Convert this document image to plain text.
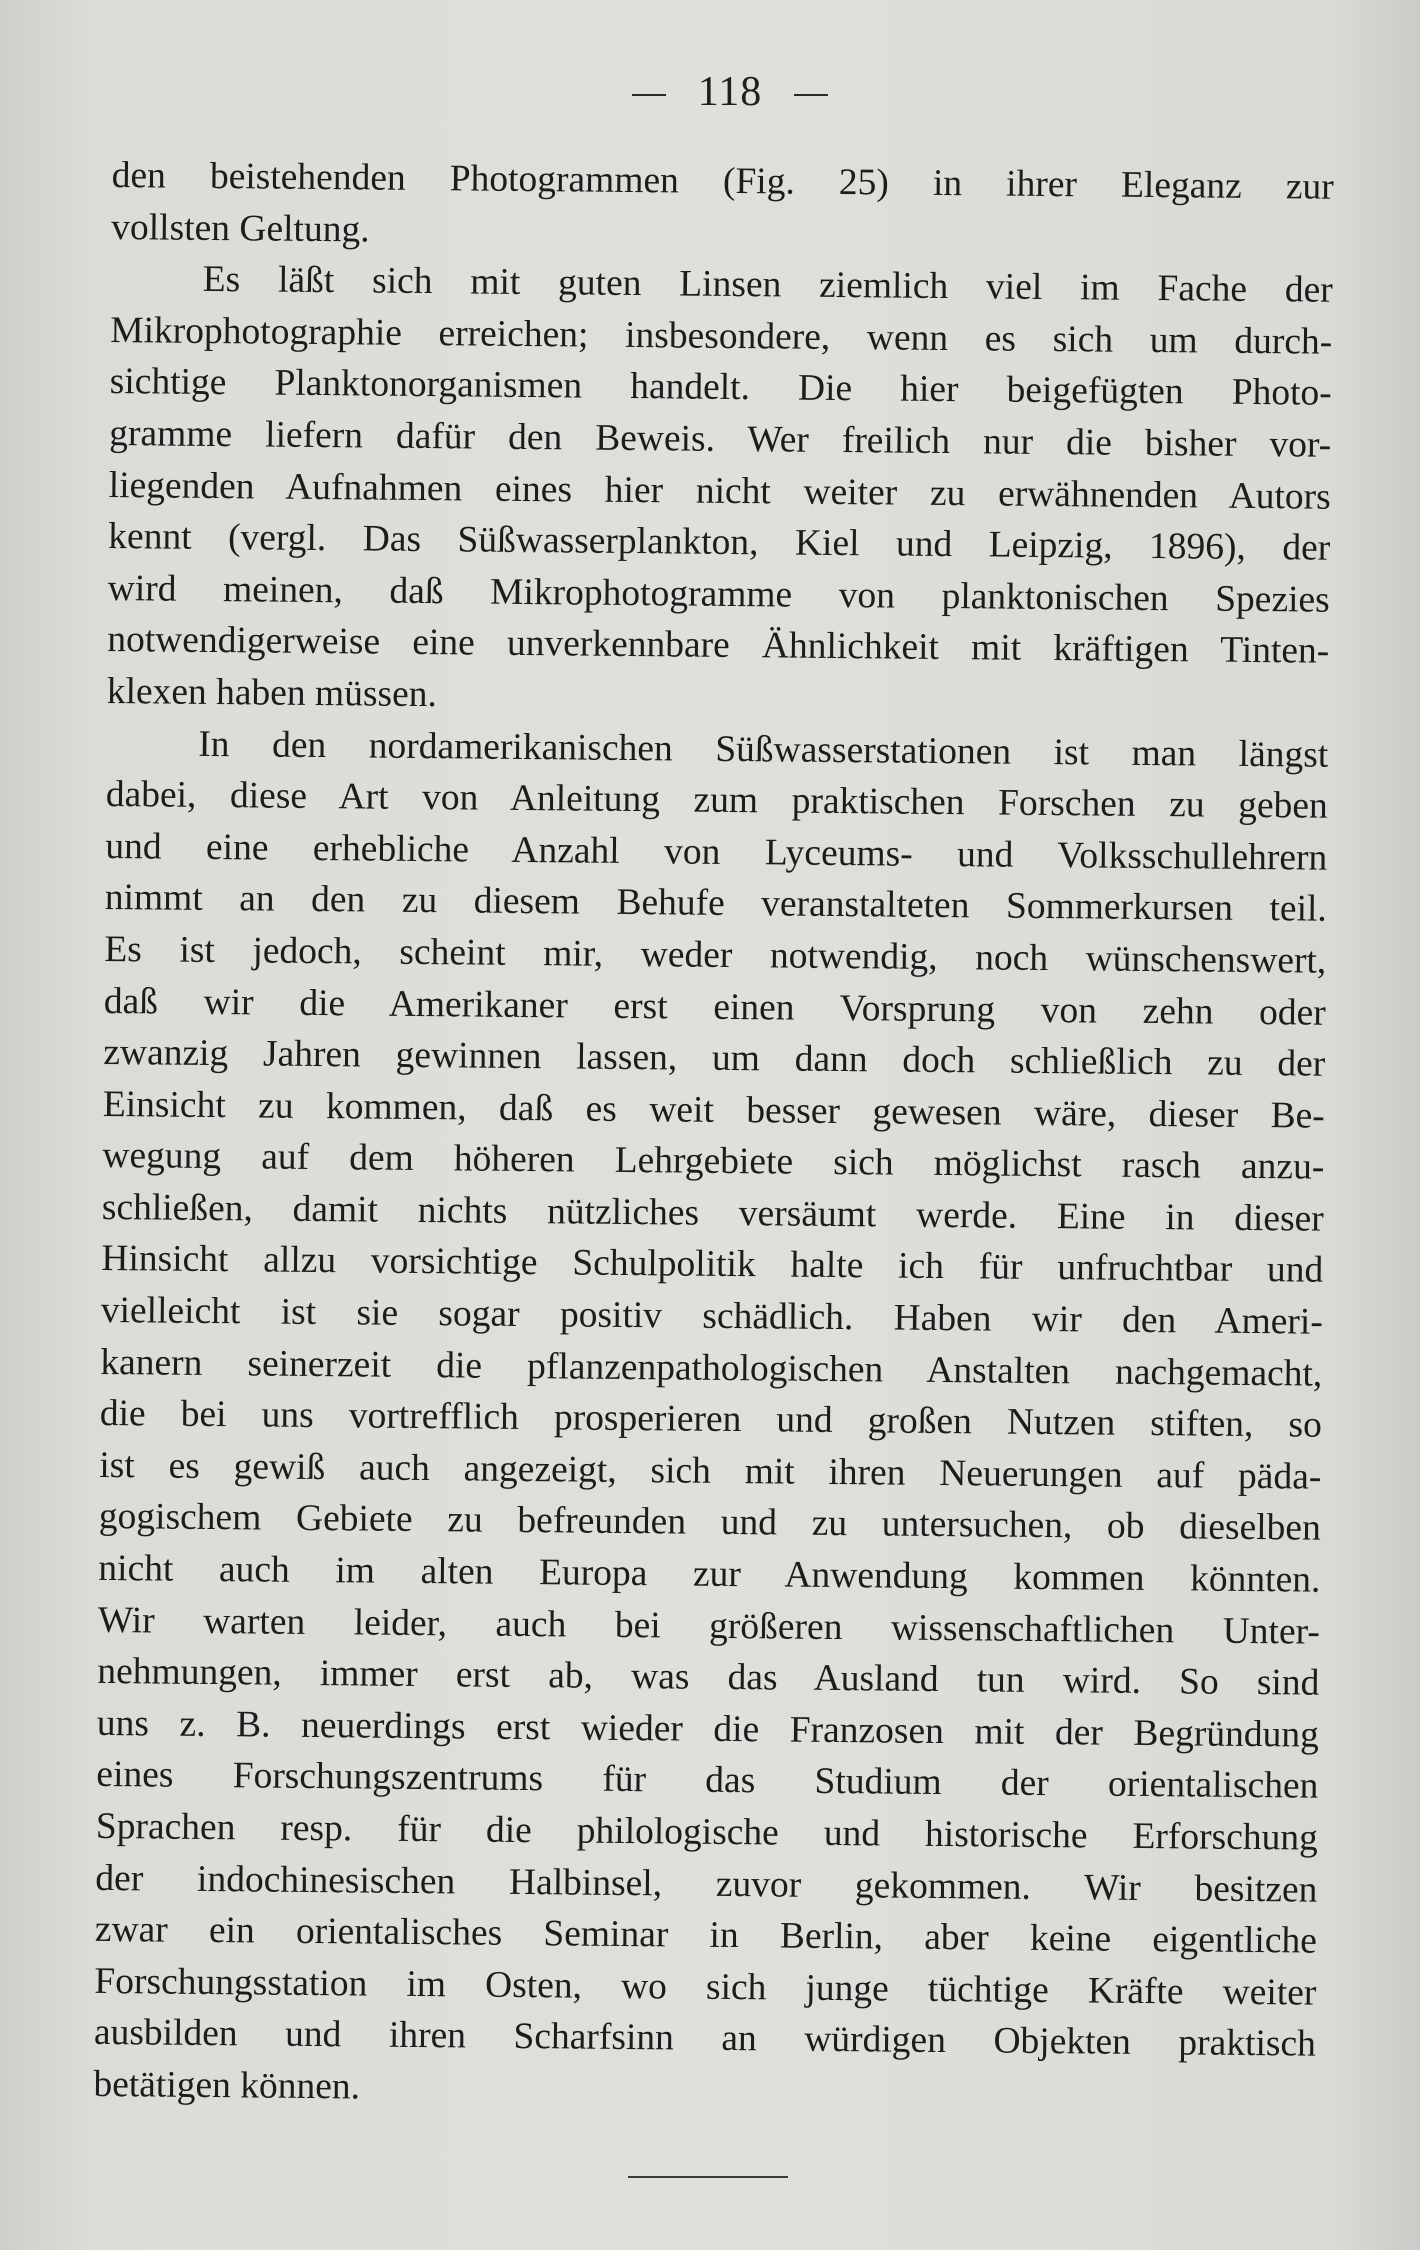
118

den beistehenden Photogrammen (Fig. 25) in ihrer Eleganz zur
vollsten Geltung.

Es läßt sich mit guten Linsen ziemlich viel im Fache der
Mikrophotographie erreichen; insbesondere, wenn es sich um durch-
sichtige Planktonorganismen handelt. Die hier beigefügten Photo-
gramme liefern dafür den Beweis. Wer freilich nur die bisher vor-
liegenden Aufnahmen eines hier nicht weiter zu erwähnenden Autors
kennt (vergl. Das Süßwasserplankton, Kiel und Leipzig, 1896), der
wird meinen, daß Mikrophotogramme von planktonischen Spezies
notwendigerweise eine unverkennbare Ähnlichkeit mit kräftigen Tinten-
klexen haben müssen.

In den nordamerikanischen Süßwasserstationen ist man längst
dabei, diese Art von Anleitung zum praktischen Forschen zu geben
und eine erhebliche Anzahl von Lyceums- und Volksschullehrern
nimmt an den zu diesem Behufe veranstalteten Sommerkursen teil.
Es ist jedoch, scheint mir, weder notwendig, noch wünschenswert,
daß wir die Amerikaner erst einen Vorsprung von zehn oder
zwanzig Jahren gewinnen lassen, um dann doch schließlich zu der
Einsicht zu kommen, daß es weit besser gewesen wäre, dieser Be-
wegung auf dem höheren Lehrgebiete sich möglichst rasch anzu-
schließen, damit nichts nützliches versäumt werde. Eine in dieser
Hinsicht allzu vorsichtige Schulpolitik halte ich für unfruchtbar und
vielleicht ist sie sogar positiv schädlich. Haben wir den Ameri-
kanern seinerzeit die pflanzenpathologischen Anstalten nachgemacht,
die bei uns vortrefflich prosperieren und großen Nutzen stiften, so
ist es gewiß auch angezeigt, sich mit ihren Neuerungen auf päda-
gogischem Gebiete zu befreunden und zu untersuchen, ob dieselben
nicht auch im alten Europa zur Anwendung kommen könnten.
Wir warten leider, auch bei größeren wissenschaftlichen Unter-
nehmungen, immer erst ab, was das Ausland tun wird. So sind
uns z. B. neuerdings erst wieder die Franzosen mit der Begründung
eines Forschungszentrums für das Studium der orientalischen
Sprachen resp. für die philologische und historische Erforschung
der indochinesischen Halbinsel, zuvor gekommen. Wir besitzen
zwar ein orientalisches Seminar in Berlin, aber keine eigentliche
Forschungsstation im Osten, wo sich junge tüchtige Kräfte weiter
ausbilden und ihren Scharfsinn an würdigen Objekten praktisch
betätigen können.
